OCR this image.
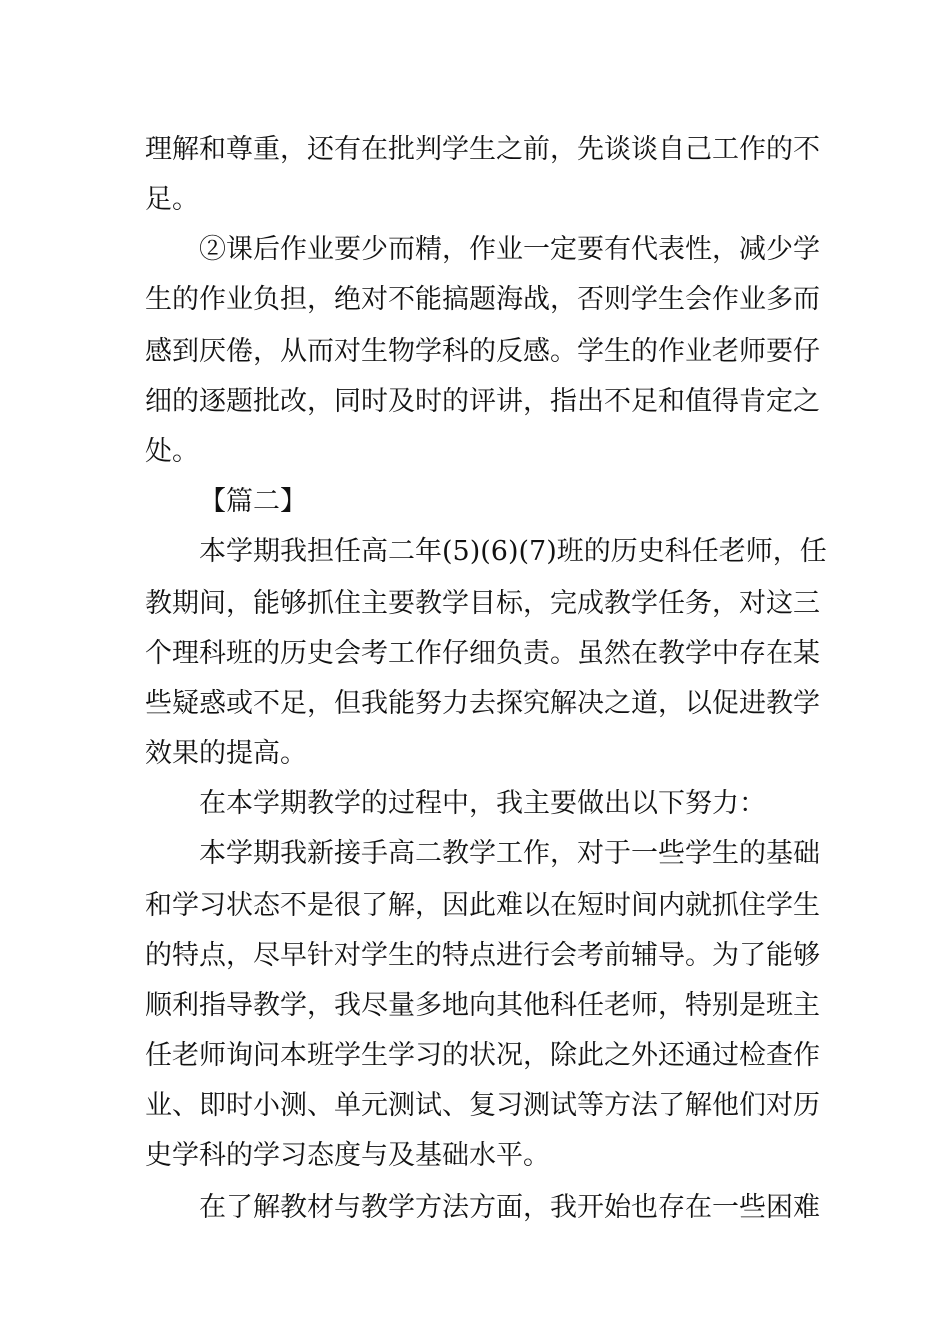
理解和尊重，还有在批判学生之前，先谈谈自己工作的不
足。
②课后作业要少而精，作业一定要有代表性，减少学
生的作业负担，绝对不能搞题海战，否则学生会作业多而
感到厌倦，从而对生物学科的反感。学生的作业老师要仔
细的逐题批改，同时及时的评讲，指出不足和值得肯定之
处。
【篇二】
本学期我担任高二年(5)(6)(7)班的历史科任老师，任
教期间，能够抓住主要教学目标，完成教学任务，对这三
个理科班的历史会考工作仔细负责。虽然在教学中存在某
些疑惑或不足，但我能努力去探究解决之道，以促进教学
效果的提高。
在本学期教学的过程中，我主要做出以下努力：
本学期我新接手高二教学工作，对于一些学生的基础
和学习状态不是很了解，因此难以在短时间内就抓住学生
的特点，尽早针对学生的特点进行会考前辅导。为了能够
顺利指导教学，我尽量多地向其他科任老师，特别是班主
任老师询问本班学生学习的状况，除此之外还通过检查作
业、即时小测、单元测试、复习测试等方法了解他们对历
史学科的学习态度与及基础水平。
在了解教材与教学方法方面，我开始也存在一些困难
